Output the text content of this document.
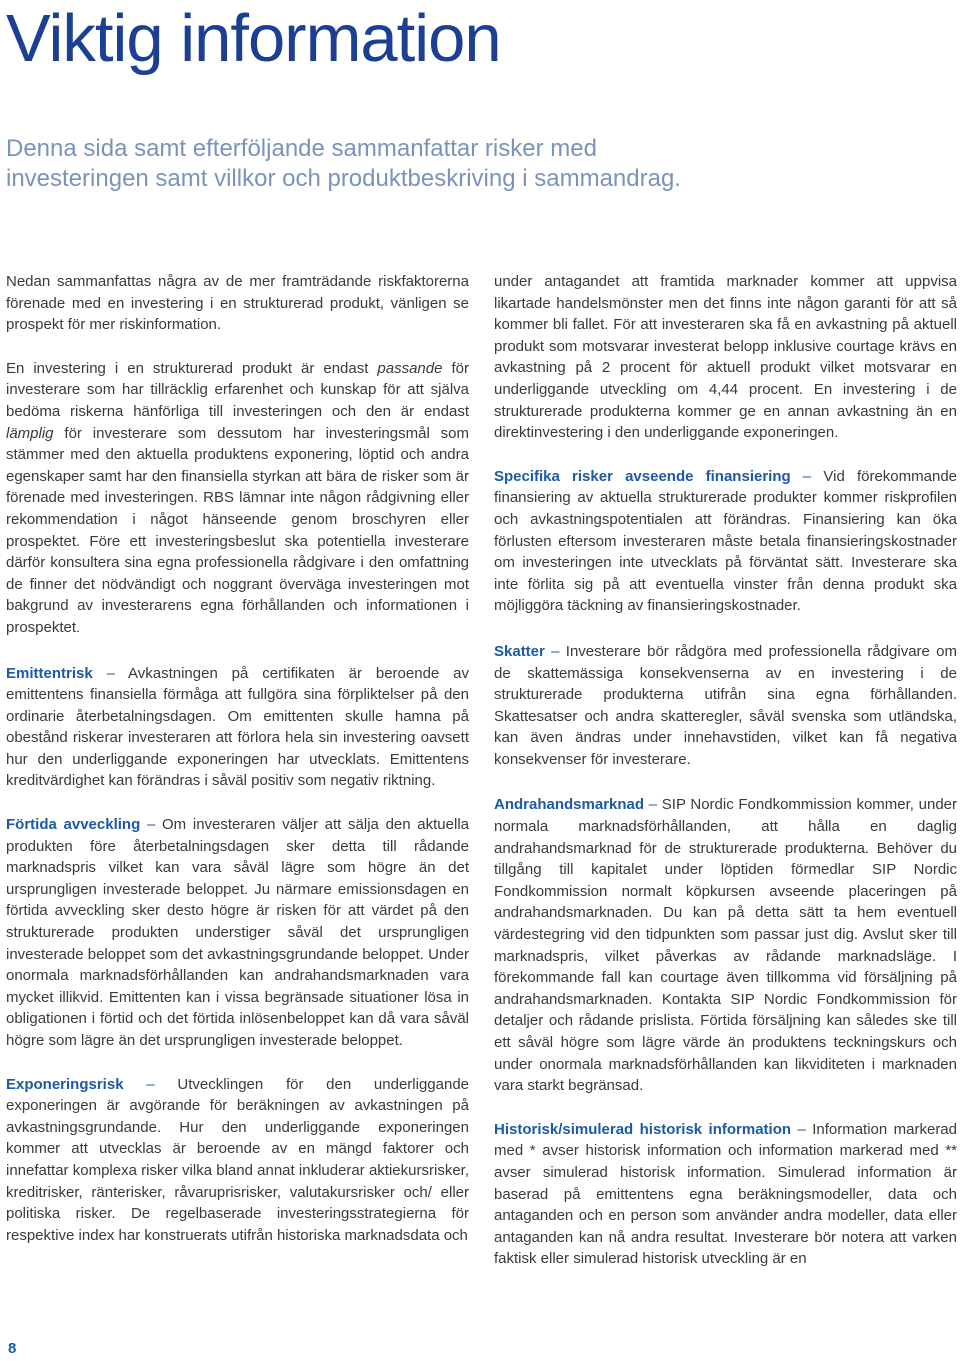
Viktig information

Denna sida samt efterföljande sammanfattar risker med investeringen samt villkor och produktbeskriving i sammandrag.

Nedan sammanfattas några av de mer framträdande riskfaktorerna förenade med en investering i en strukturerad produkt, vänligen se prospekt för mer riskinformation.

En investering i en strukturerad produkt är endast passande för investerare som har tillräcklig erfarenhet och kunskap för att själva bedöma riskerna hänförliga till investeringen och den är endast lämplig för investerare som dessutom har investeringsmål som stämmer med den aktuella produktens exponering, löptid och andra egenskaper samt har den finansiella styrkan att bära de risker som är förenade med investeringen. RBS lämnar inte någon rådgivning eller rekommendation i något hänseende genom broschyren eller prospektet. Före ett investeringsbeslut ska potentiella investerare därför konsultera sina egna professionella rådgivare i den omfattning de finner det nödvändigt och noggrant överväga investeringen mot bakgrund av investerarens egna förhållanden och informationen i prospektet.

Emittentrisk – Avkastningen på certifikaten är beroende av emittentens finansiella förmåga att fullgöra sina förpliktelser på den ordinarie återbetalningsdagen. Om emittenten skulle hamna på obestånd riskerar investeraren att förlora hela sin investering oavsett hur den underliggande exponeringen har utvecklats. Emittentens kreditvärdighet kan förändras i såväl positiv som negativ riktning.

Förtida avveckling – Om investeraren väljer att sälja den aktuella produkten före återbetalningsdagen sker detta till rådande marknadspris vilket kan vara såväl lägre som högre än det ursprungligen investerade beloppet. Ju närmare emissionsdagen en förtida avveckling sker desto högre är risken för att värdet på den strukturerade produkten understiger såväl det ursprungligen investerade beloppet som det avkastningsgrundande beloppet. Under onormala marknadsförhållanden kan andrahandsmarknaden vara mycket illikvid. Emittenten kan i vissa begränsade situationer lösa in obligationen i förtid och det förtida inlösenbeloppet kan då vara såväl högre som lägre än det ursprungligen investerade beloppet.

Exponeringsrisk – Utvecklingen för den underliggande exponeringen är avgörande för beräkningen av avkastningen på avkastningsgrundande. Hur den underliggande exponeringen kommer att utvecklas är beroende av en mängd faktorer och innefattar komplexa risker vilka bland annat inkluderar aktiekursrisker, kreditrisker, ränterisker, råvaruprisrisker, valutakursrisker och/ eller politiska risker. De regelbaserade investeringsstrategierna för respektive index har konstruerats utifrån historiska marknadsdata och

under antagandet att framtida marknader kommer att uppvisa likartade handelsmönster men det finns inte någon garanti för att så kommer bli fallet. För att investeraren ska få en avkastning på aktuell produkt som motsvarar investerat belopp inklusive courtage krävs en avkastning på 2 procent för aktuell produkt vilket motsvarar en underliggande utveckling om 4,44 procent. En investering i de strukturerade produkterna kommer ge en annan avkastning än en direktinvestering i den underliggande exponeringen.

Specifika risker avseende finansiering – Vid förekommande finansiering av aktuella strukturerade produkter kommer riskprofilen och avkastningspotentialen att förändras. Finansiering kan öka förlusten eftersom investeraren måste betala finansieringskostnader om investeringen inte utvecklats på förväntat sätt. Investerare ska inte förlita sig på att eventuella vinster från denna produkt ska möjliggöra täckning av finansieringskostnader.

Skatter – Investerare bör rådgöra med professionella rådgivare om de skattemässiga konsekvenserna av en investering i de strukturerade produkterna utifrån sina egna förhållanden. Skattesatser och andra skatteregler, såväl svenska som utländska, kan även ändras under innehavstiden, vilket kan få negativa konsekvenser för investerare.

Andrahandsmarknad – SIP Nordic Fondkommission kommer, under normala marknadsförhållanden, att hålla en daglig andrahandsmarknad för de strukturerade produkterna. Behöver du tillgång till kapitalet under löptiden förmedlar SIP Nordic Fondkommission normalt köpkursen avseende placeringen på andrahandsmarknaden. Du kan på detta sätt ta hem eventuell värdestegring vid den tidpunkten som passar just dig. Avslut sker till marknadspris, vilket påverkas av rådande marknadsläge. I förekommande fall kan courtage även tillkomma vid försäljning på andrahandsmarknaden. Kontakta SIP Nordic Fondkommission för detaljer och rådande prislista. Förtida försäljning kan således ske till ett såväl högre som lägre värde än produktens teckningskurs och under onormala marknadsförhållanden kan likviditeten i marknaden vara starkt begränsad.

Historisk/simulerad historisk information – Information markerad med * avser historisk information och information markerad med ** avser simulerad historisk information. Simulerad information är baserad på emittentens egna beräkningsmodeller, data och antaganden och en person som använder andra modeller, data eller antaganden kan nå andra resultat. Investerare bör notera att varken faktisk eller simulerad historisk utveckling är en

8
